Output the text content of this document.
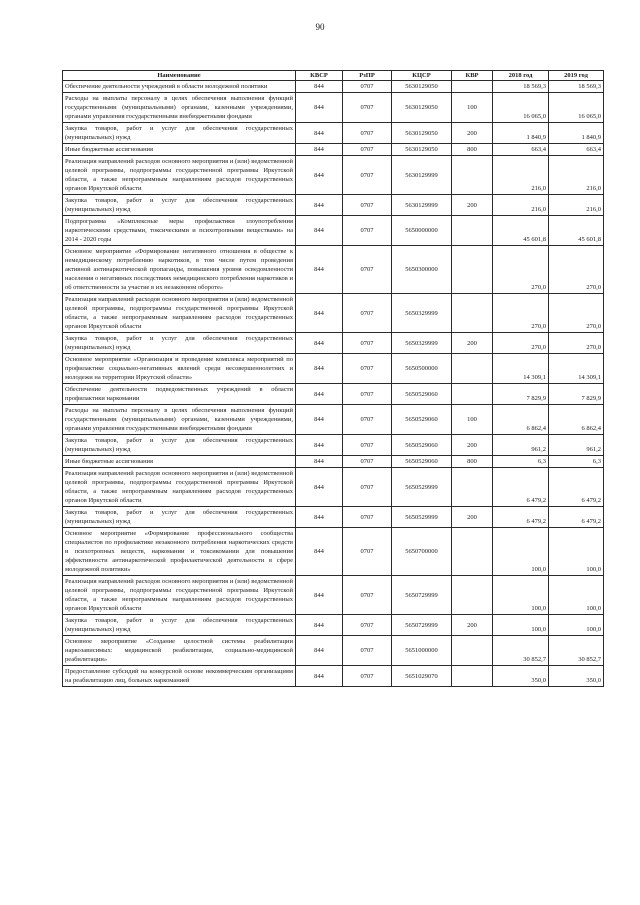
90
Наименование	КВСР	РзПР	КЦСР	КВР	2018 год	2019 год
Обеспечение деятельности учреждений в области молодежной политики	844	0707	5630129050		18 569,3	18 569,3
Расходы на выплаты персоналу в целях обеспечения выполнения функций государственными (муниципальными) органами, казенными учреждениями, органами управления государственными внебюджетными фондами	844	0707	5630129050	100	16 065,0	16 065,0
Закупка товаров, работ и услуг для обеспечения государственных (муниципальных) нужд	844	0707	5630129050	200	1 840,9	1 840,9
Иные бюджетные ассигнования	844	0707	5630129050	800	663,4	663,4
Реализация направлений расходов основного мероприятия и (или) ведомственной целевой программы, подпрограммы государственной программы Иркутской области, а также непрограммным направлениям расходов государственных органов Иркутской области	844	0707	5630129999		216,0	216,0
Закупка товаров, работ и услуг для обеспечения государственных (муниципальных) нужд	844	0707	5630129999	200	216,0	216,0
Подпрограмма «Комплексные меры профилактики злоупотребления наркотическими средствами, токсическими и психотропными веществами» на 2014 - 2020 годы	844	0707	5650000000		45 601,8	45 601,8
Основное мероприятие «Формирование негативного отношения в обществе к немедицинскому потреблению наркотиков, в том числе путем проведения активной антинаркотической пропаганды, повышения уровня осведомленности населения о негативных последствиях немедицинского потребления наркотиков и об ответственности за участие в их незаконном обороте»	844	0707	5650300000		270,0	270,0
Реализация направлений расходов основного мероприятия и (или) ведомственной целевой программы, подпрограммы государственной программы Иркутской области, а также непрограммным направлениям расходов государственных органов Иркутской области	844	0707	5650329999		270,0	270,0
Закупка товаров, работ и услуг для обеспечения государственных (муниципальных) нужд	844	0707	5650329999	200	270,0	270,0
Основное мероприятие «Организация и проведение комплекса мероприятий по профилактике социально-негативных явлений среди несовершеннолетних и молодежи на территории Иркутской области»	844	0707	5650500000		14 309,1	14 309,1
Обеспечение деятельности подведомственных учреждений в области профилактики наркомании	844	0707	5650529060		7 829,9	7 829,9
Расходы на выплаты персоналу в целях обеспечения выполнения функций государственными (муниципальными) органами, казенными учреждениями, органами управления государственными внебюджетными фондами	844	0707	5650529060	100	6 862,4	6 862,4
Закупка товаров, работ и услуг для обеспечения государственных (муниципальных) нужд	844	0707	5650529060	200	961,2	961,2
Иные бюджетные ассигнования	844	0707	5650529060	800	6,3	6,3
Реализация направлений расходов основного мероприятия и (или) ведомственной целевой программы, подпрограммы государственной программы Иркутской области, а также непрограммным направлениям расходов государственных органов Иркутской области	844	0707	5650529999		6 479,2	6 479,2
Закупка товаров, работ и услуг для обеспечения государственных (муниципальных) нужд	844	0707	5650529999	200	6 479,2	6 479,2
Основное мероприятие «Формирование профессионального сообщества специалистов по профилактике незаконного потребления наркотических средств и психотропных веществ, наркомании и токсикомании для повышения эффективности антинаркотической профилактической деятельности в сфере молодежной политики»	844	0707	5650700000		100,0	100,0
Реализация направлений расходов основного мероприятия и (или) ведомственной целевой программы, подпрограммы государственной программы Иркутской области, а также непрограммным направлениям расходов государственных органов Иркутской области	844	0707	5650729999		100,0	100,0
Закупка товаров, работ и услуг для обеспечения государственных (муниципальных) нужд	844	0707	5650729999	200	100,0	100,0
Основное мероприятие «Создание целостной системы реабилитации наркозависимых: медицинской реабилитации, социально-медицинской реабилитации»	844	0707	5651000000		30 852,7	30 852,7
Предоставление субсидий на конкурсной основе некоммерческим организациям на реабилитацию лиц, больных наркоманией	844	0707	5651029070		350,0	350,0
